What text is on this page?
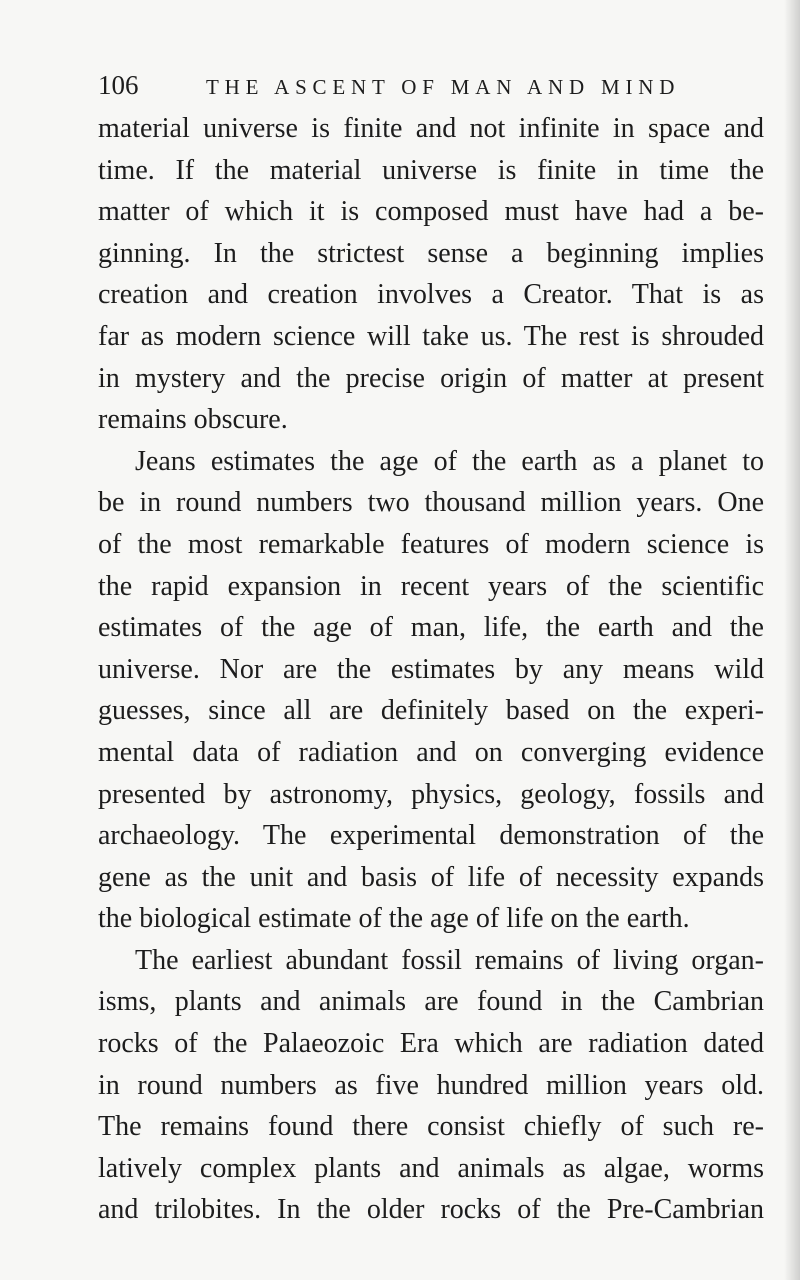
106	THE ASCENT OF MAN AND MIND
material universe is finite and not infinite in space and
time. If the material universe is finite in time the
matter of which it is composed must have had a be-
ginning. In the strictest sense a beginning implies
creation and creation involves a Creator. That is as
far as modern science will take us. The rest is shrouded
in mystery and the precise origin of matter at present
remains obscure.
Jeans estimates the age of the earth as a planet to
be in round numbers two thousand million years. One
of the most remarkable features of modern science is
the rapid expansion in recent years of the scientific
estimates of the age of man, life, the earth and the
universe. Nor are the estimates by any means wild
guesses, since all are definitely based on the experi-
mental data of radiation and on converging evidence
presented by astronomy, physics, geology, fossils and
archaeology. The experimental demonstration of the
gene as the unit and basis of life of necessity expands
the biological estimate of the age of life on the earth.
The earliest abundant fossil remains of living organ-
isms, plants and animals are found in the Cambrian
rocks of the Palaeozoic Era which are radiation dated
in round numbers as five hundred million years old.
The remains found there consist chiefly of such re-
latively complex plants and animals as algae, worms
and trilobites. In the older rocks of the Pre-Cambrian
